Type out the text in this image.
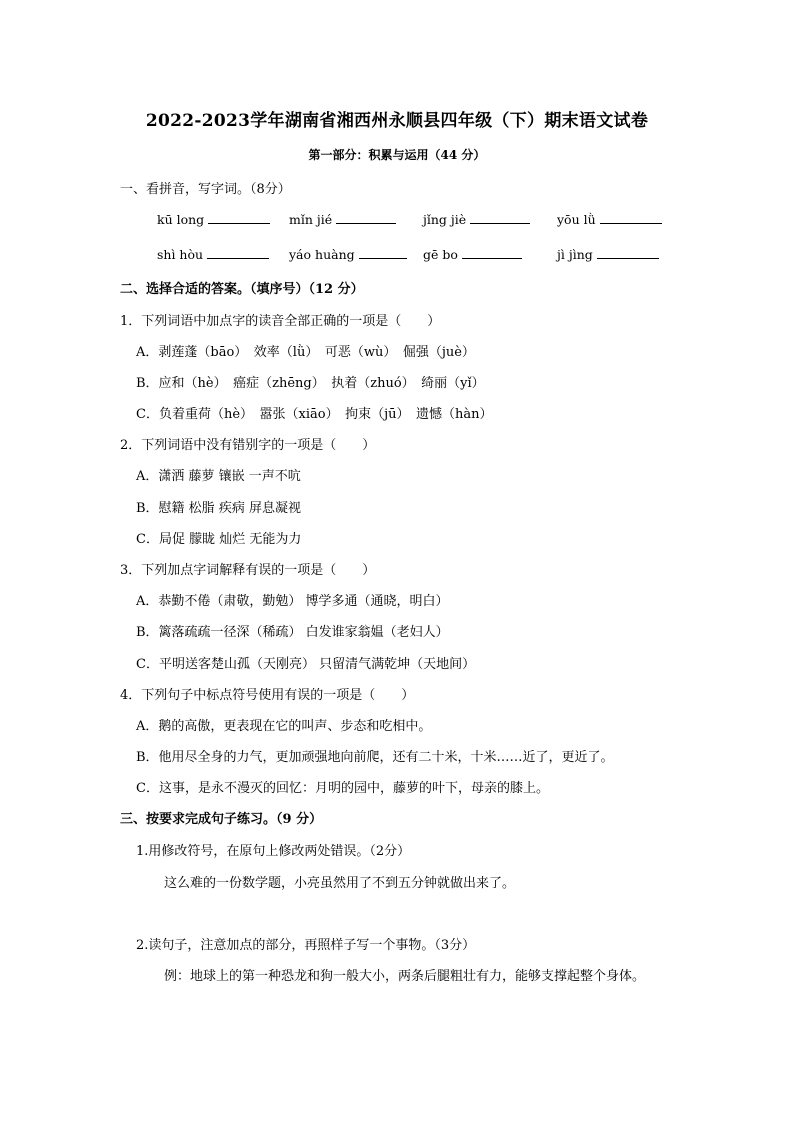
2022-2023学年湖南省湘西州永顺县四年级（下）期末语文试卷
第一部分：积累与运用（44 分）
一、看拼音，写字词。（8分）
kū long	mǐn jié	jǐng jiè	yōu lǜ
shì hòu	yáo huàng	gē bo	jì jìng
二、选择合适的答案。（填序号）（12 分）
1．下列词语中加点字的读音全部正确的一项是（　　）
A．剥莲蓬（bāo）　效率（lǜ）　可恶（wù）　倔强（juè）
B．应和（hè）　癌症（zhēng）　执着（zhuó）　绮丽（yǐ）
C．负着重荷（hè）　嚣张（xiāo）　拘束（jū）　遗憾（hàn）
2．下列词语中没有错别字的一项是（　　）
A．潇洒 藤萝 镶嵌 一声不吭
B．慰籍 松脂 疾病 屏息凝视
C．局促 朦眬 灿烂 无能为力
3．下列加点字词解释有误的一项是（　　）
A．恭勤不倦（肃敬，勤勉） 博学多通（通晓，明白）
B．篱落疏疏一径深（稀疏） 白发谁家翁媪（老妇人）
C．平明送客楚山孤（天刚亮） 只留清气满乾坤（天地间）
4．下列句子中标点符号使用有误的一项是（　　）
A．鹅的高傲，更表现在它的叫声、步态和吃相中。
B．他用尽全身的力气，更加顽强地向前爬，还有二十米，十米……近了，更近了。
C．这事，是永不漫灭的回忆：月明的园中，藤萝的叶下，母亲的膝上。
三、按要求完成句子练习。（9 分）
1.用修改符号，在原句上修改两处错误。（2分）
这么难的一份数学题，小亮虽然用了不到五分钟就做出来了。
2.读句子，注意加点的部分，再照样子写一个事物。（3分）
例：地球上的第一种恐龙和狗一般大小，两条后腿粗壮有力，能够支撑起整个身体。
